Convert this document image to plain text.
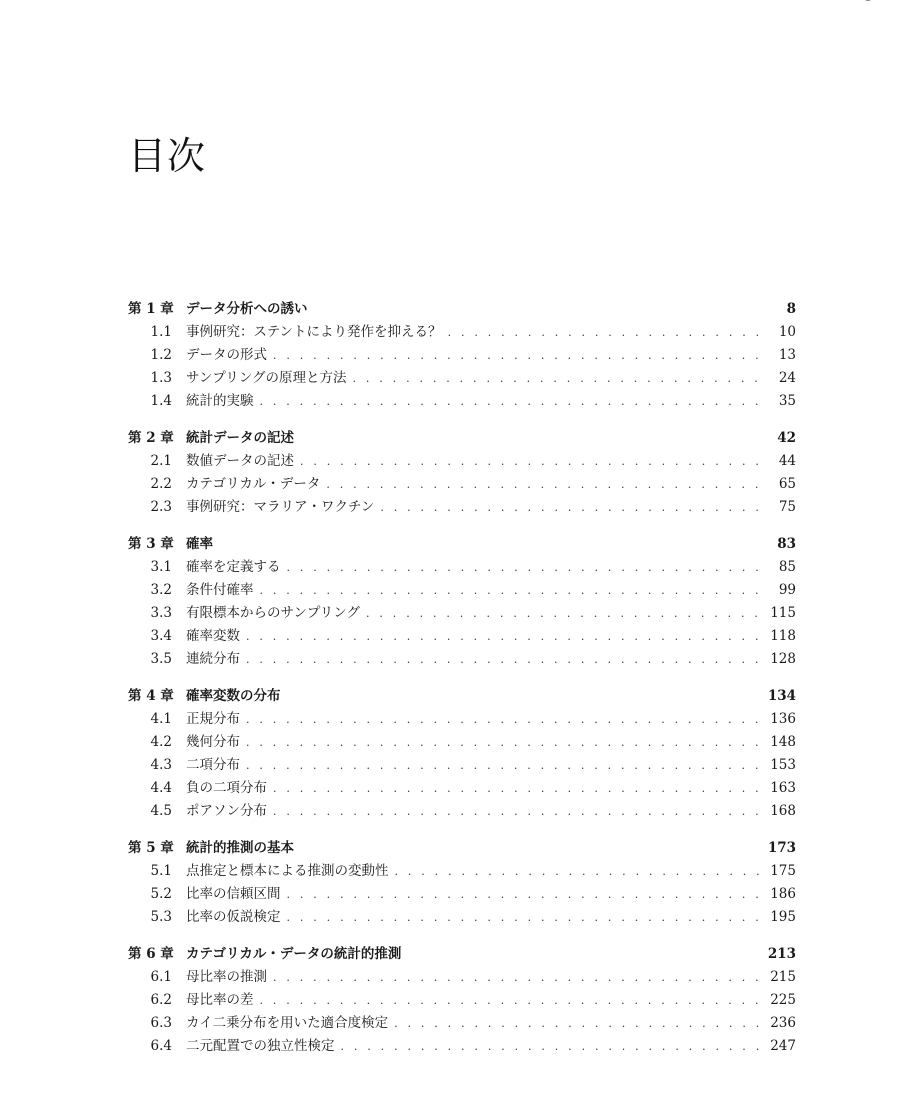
目次
第 1 章 データ分析への誘い	8
1.1	事例研究：ステントにより発作を抑える？ . . .	10
1.2	データの形式 . . .	13
1.3	サンプリングの原理と方法 . . .	24
1.4	統計的実験 . . .	35
第 2 章 統計データの記述	42
2.1	数値データの記述 . . .	44
2.2	カテゴリカル・データ . . .	65
2.3	事例研究：マラリア・ワクチン . . .	75
第 3 章 確率	83
3.1	確率を定義する . . .	85
3.2	条件付確率 . . .	99
3.3	有限標本からのサンプリング . . .	115
3.4	確率変数 . . .	118
3.5	連続分布 . . .	128
第 4 章 確率変数の分布	134
4.1	正規分布 . . .	136
4.2	幾何分布 . . .	148
4.3	二項分布 . . .	153
4.4	負の二項分布 . . .	163
4.5	ポアソン分布 . . .	168
第 5 章 統計的推測の基本	173
5.1	点推定と標本による推測の変動性 . . .	175
5.2	比率の信頼区間 . . .	186
5.3	比率の仮説検定 . . .	195
第 6 章 カテゴリカル・データの統計的推測	213
6.1	母比率の推測 . . .	215
6.2	母比率の差 . . .	225
6.3	カイ二乗分布を用いた適合度検定 . . .	236
6.4	二元配置での独立性検定 . . .	247
